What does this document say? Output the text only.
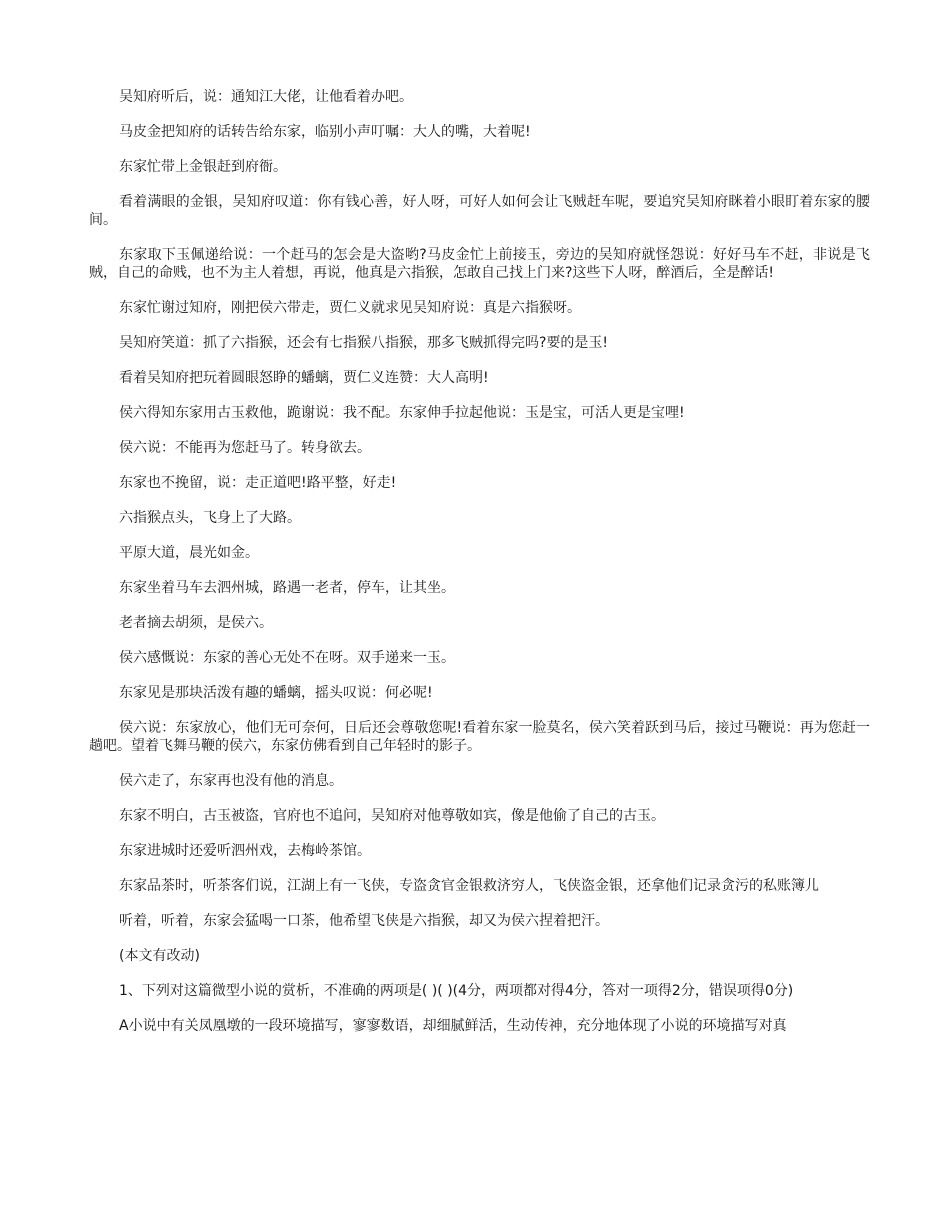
吴知府听后，说：通知江大佬，让他看着办吧。

马皮金把知府的话转告给东家，临别小声叮嘱：大人的嘴，大着呢!

东家忙带上金银赶到府衙。

看着满眼的金银，吴知府叹道：你有钱心善，好人呀，可好人如何会让飞贼赶车呢，要追究吴知府眯着小眼盯着东家的腰间。

东家取下玉佩递给说：一个赶马的怎会是大盗哟?马皮金忙上前接玉，旁边的吴知府就怪怨说：好好马车不赶，非说是飞贼，自己的命贱，也不为主人着想，再说，他真是六指猴，怎敢自己找上门来?这些下人呀，醉酒后，全是醉话!

东家忙谢过知府，刚把侯六带走，贾仁义就求见吴知府说：真是六指猴呀。

吴知府笑道：抓了六指猴，还会有七指猴八指猴，那多飞贼抓得完吗?要的是玉!

看着吴知府把玩着圆眼怒睁的蟠螭，贾仁义连赞：大人高明!

侯六得知东家用古玉救他，跪谢说：我不配。东家伸手拉起他说：玉是宝，可活人更是宝哩!

侯六说：不能再为您赶马了。转身欲去。

东家也不挽留，说：走正道吧!路平整，好走!

六指猴点头，飞身上了大路。

平原大道，晨光如金。

东家坐着马车去泗州城，路遇一老者，停车，让其坐。

老者摘去胡须，是侯六。

侯六感慨说：东家的善心无处不在呀。双手递来一玉。

东家见是那块活泼有趣的蟠螭，摇头叹说：何必呢!

侯六说：东家放心，他们无可奈何，日后还会尊敬您呢!看着东家一脸莫名，侯六笑着跃到马后，接过马鞭说：再为您赶一趟吧。望着飞舞马鞭的侯六，东家仿佛看到自己年轻时的影子。

侯六走了，东家再也没有他的消息。

东家不明白，古玉被盗，官府也不追问，吴知府对他尊敬如宾，像是他偷了自己的古玉。

东家进城时还爱听泗州戏，去梅岭茶馆。

东家品茶时，听茶客们说，江湖上有一飞侠，专盗贪官金银救济穷人，飞侠盗金银，还拿他们记录贪污的私账簿儿

听着，听着，东家会猛喝一口茶，他希望飞侠是六指猴，却又为侯六捏着把汗。

(本文有改动)

1、下列对这篇微型小说的赏析，不准确的两项是( )( )(4分，两项都对得4分，答对一项得2分，错误项得0分)

A小说中有关凤凰墩的一段环境描写，寥寥数语，却细腻鲜活，生动传神，充分地体现了小说的环境描写对真
